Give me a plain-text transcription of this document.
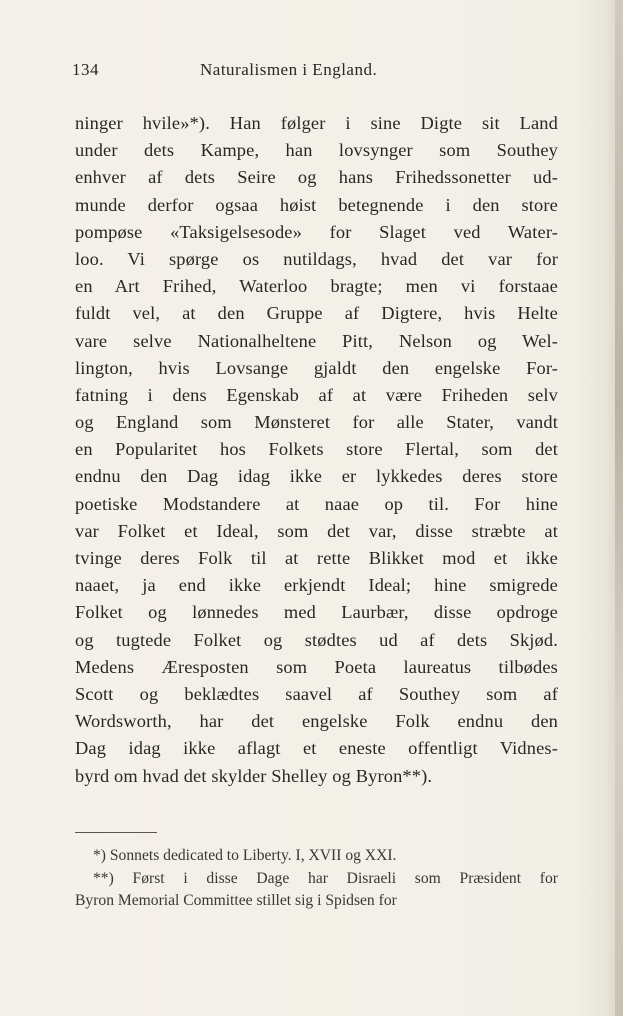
134	Naturalismen i England.
ninger hvile»*). Han følger i sine Digte sit Land
under dets Kampe, han lovsynger som Southey
enhver af dets Seire og hans Frihedssonetter ud-
munde derfor ogsaa høist betegnende i den store
pompøse «Taksigelsesode» for Slaget ved Water-
loo. Vi spørge os nutildags, hvad det var for
en Art Frihed, Waterloo bragte; men vi forstaae
fuldt vel, at den Gruppe af Digtere, hvis Helte
vare selve Nationalheltene Pitt, Nelson og Wel-
lington, hvis Lovsange gjaldt den engelske For-
fatning i dens Egenskab af at være Friheden selv
og England som Mønsteret for alle Stater, vandt
en Popularitet hos Folkets store Flertal, som det
endnu den Dag idag ikke er lykkedes deres store
poetiske Modstandere at naae op til. For hine
var Folket et Ideal, som det var, disse stræbte at
tvinge deres Folk til at rette Blikket mod et ikke
naaet, ja end ikke erkjendt Ideal; hine smigrede
Folket og lønnedes med Laurbær, disse opdroge
og tugtede Folket og stødtes ud af dets Skjød.
Medens Æresposten som Poeta laureatus tilbødes
Scott og beklædtes saavel af Southey som af
Wordsworth, har det engelske Folk endnu den
Dag idag ikke aflagt et eneste offentligt Vidnes-
byrd om hvad det skylder Shelley og Byron**).
*) Sonnets dedicated to Liberty. I, XVII og XXI.
**) Først i disse Dage har Disraeli som Præsident for
Byron Memorial Committee stillet sig i Spidsen for
